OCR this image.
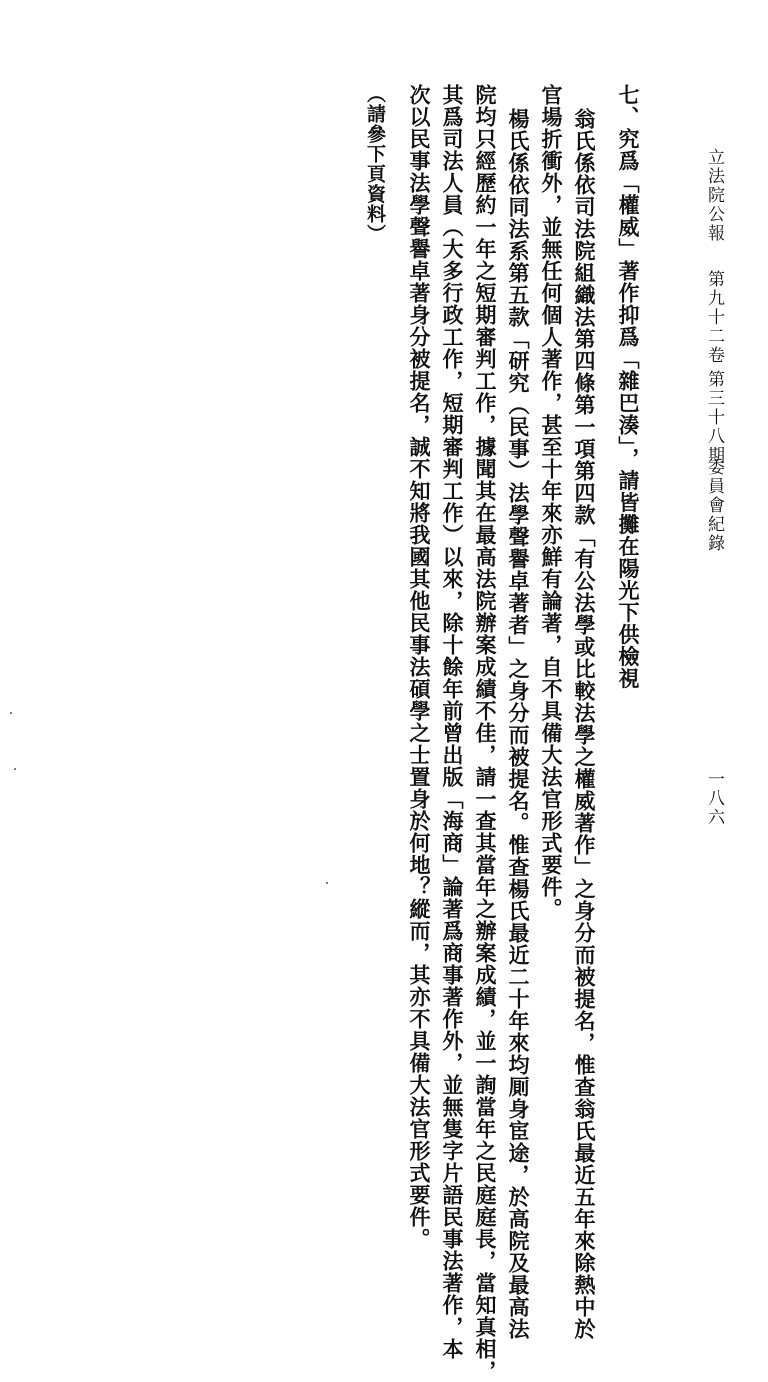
立法院公報
第九十二卷
第三十八期
委員會紀錄
一八六
七、究爲「權威」著作抑爲「雜巴湊」，請皆攤在陽光下供檢視
翁氏係依司法院組織法第四條第一項第四款「有公法學或比較法學之權威著作」之身分而被提名，惟查翁氏最近五年來除熱中於
官場折衝外，並無任何個人著作，甚至十年來亦鮮有論著，自不具備大法官形式要件。
楊氏係依同法系第五款「研究（民事）法學聲譽卓著者」之身分而被提名。惟查楊氏最近二十年來均厠身宦途，於高院及最高法
院均只經歷約一年之短期審判工作，據聞其在最高法院辦案成績不佳，請一查其當年之辦案成績，並一詢當年之民庭庭長，當知真相，
其爲司法人員（大多行政工作，短期審判工作）以來，除十餘年前曾出版「海商」論著爲商事著作外，並無隻字片語民事法著作，本
次以民事法學聲譽卓著身分被提名，誠不知將我國其他民事法碩學之士置身於何地？縱而，其亦不具備大法官形式要件。
（請參下頁資料）
